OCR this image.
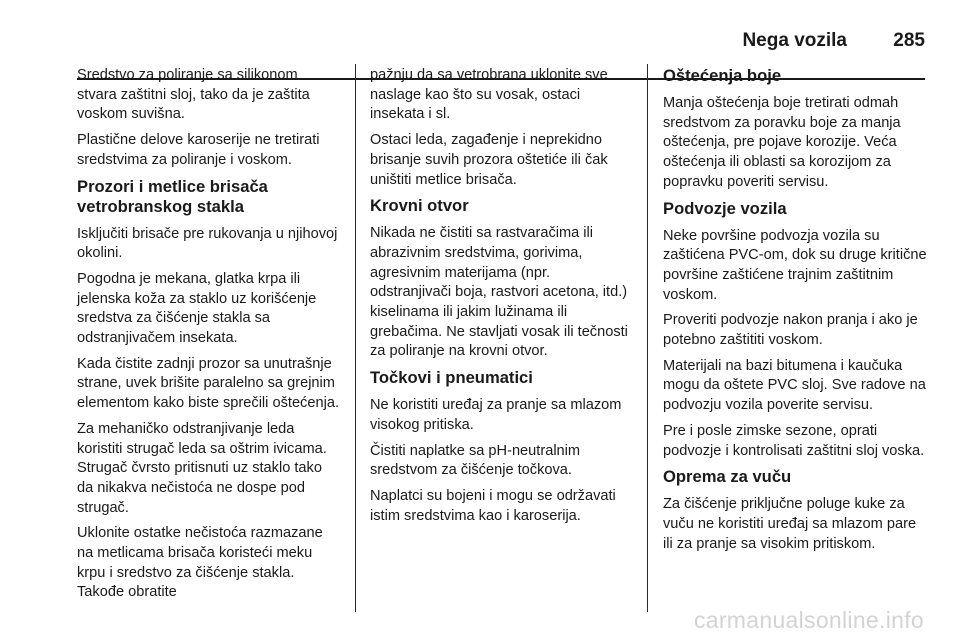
Nega vozila 285

Sredstvo za poliranje sa silikonom stvara zaštitni sloj, tako da je zaštita voskom suvišna.

Plastične delove karoserije ne tretirati sredstvima za poliranje i voskom.

Prozori i metlice brisača vetrobranskog stakla

Isključiti brisače pre rukovanja u njihovoj okolini.

Pogodna je mekana, glatka krpa ili jelenska koža za staklo uz korišćenje sredstva za čišćenje stakla sa odstranjivačem insekata.

Kada čistite zadnji prozor sa unutrašnje strane, uvek brišite paralelno sa grejnim elementom kako biste sprečili oštećenja.

Za mehaničko odstranjivanje leda koristiti strugač leda sa oštrim ivicama. Strugač čvrsto pritisnuti uz staklo tako da nikakva nečistoća ne dospe pod strugač.

Uklonite ostatke nečistoća razmazane na metlicama brisača koristeći meku krpu i sredstvo za čišćenje stakla. Takođe obratite

pažnju da sa vetrobrana uklonite sve naslage kao što su vosak, ostaci insekata i sl.

Ostaci leda, zagađenje i neprekidno brisanje suvih prozora oštetiće ili čak uništiti metlice brisača.

Krovni otvor

Nikada ne čistiti sa rastvaračima ili abrazivnim sredstvima, gorivima, agresivnim materijama (npr. odstranjivači boja, rastvori acetona, itd.) kiselinama ili jakim lužinama ili grebačima. Ne stavljati vosak ili tečnosti za poliranje na krovni otvor.

Točkovi i pneumatici

Ne koristiti uređaj za pranje sa mlazom visokog pritiska.

Čistiti naplatke sa pH-neutralnim sredstvom za čišćenje točkova.

Naplatci su bojeni i mogu se održavati istim sredstvima kao i karoserija.

Oštećenja boje

Manja oštećenja boje tretirati odmah sredstvom za poravku boje za manja oštećenja, pre pojave korozije. Veća oštećenja ili oblasti sa korozijom za popravku poveriti servisu.

Podvozje vozila

Neke površine podvozja vozila su zaštićena PVC-om, dok su druge kritične površine zaštićene trajnim zaštitnim voskom.

Proveriti podvozje nakon pranja i ako je potebno zaštititi voskom.

Materijali na bazi bitumena i kaučuka mogu da oštete PVC sloj. Sve radove na podvozju vozila poverite servisu.

Pre i posle zimske sezone, oprati podvozje i kontrolisati zaštitni sloj voska.

Oprema za vuču

Za čišćenje priključne poluge kuke za vuču ne koristiti uređaj sa mlazom pare ili za pranje sa visokim pritiskom.

carmanualsonline.info
